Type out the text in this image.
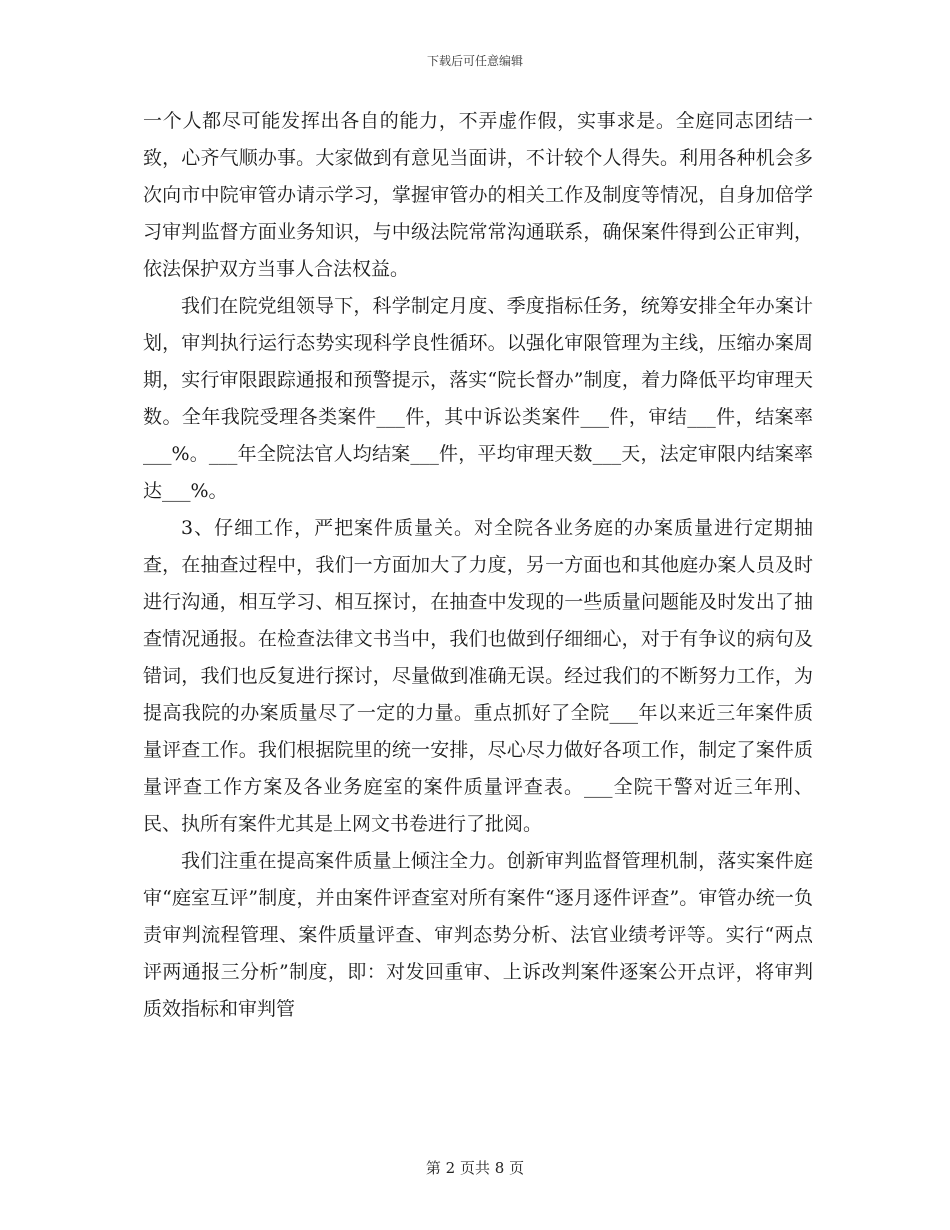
下载后可任意编辑

一个人都尽可能发挥出各自的能力，不弄虚作假，实事求是。全庭同志团结一致，心齐气顺办事。大家做到有意见当面讲，不计较个人得失。利用各种机会多次向市中院审管办请示学习，掌握审管办的相关工作及制度等情况，自身加倍学习审判监督方面业务知识，与中级法院常常沟通联系，确保案件得到公正审判，依法保护双方当事人合法权益。

我们在院党组领导下，科学制定月度、季度指标任务，统筹安排全年办案计划，审判执行运行态势实现科学良性循环。以强化审限管理为主线，压缩办案周期，实行审限跟踪通报和预警提示，落实“院长督办”制度，着力降低平均审理天数。全年我院受理各类案件___件，其中诉讼类案件___件，审结___件，结案率___%。___年全院法官人均结案___件，平均审理天数___天，法定审限内结案率达___%。

3、仔细工作，严把案件质量关。对全院各业务庭的办案质量进行定期抽查，在抽查过程中，我们一方面加大了力度，另一方面也和其他庭办案人员及时进行沟通，相互学习、相互探讨，在抽查中发现的一些质量问题能及时发出了抽查情况通报。在检查法律文书当中，我们也做到仔细细心，对于有争议的病句及错词，我们也反复进行探讨，尽量做到准确无误。经过我们的不断努力工作，为提高我院的办案质量尽了一定的力量。重点抓好了全院___年以来近三年案件质量评查工作。我们根据院里的统一安排，尽心尽力做好各项工作，制定了案件质量评查工作方案及各业务庭室的案件质量评查表。___全院干警对近三年刑、民、执所有案件尤其是上网文书卷进行了批阅。

我们注重在提高案件质量上倾注全力。创新审判监督管理机制，落实案件庭审“庭室互评”制度，并由案件评查室对所有案件“逐月逐件评查”。审管办统一负责审判流程管理、案件质量评查、审判态势分析、法官业绩考评等。实行“两点评两通报三分析”制度，即：对发回重审、上诉改判案件逐案公开点评，将审判质效指标和审判管

第 2 页共 8 页
